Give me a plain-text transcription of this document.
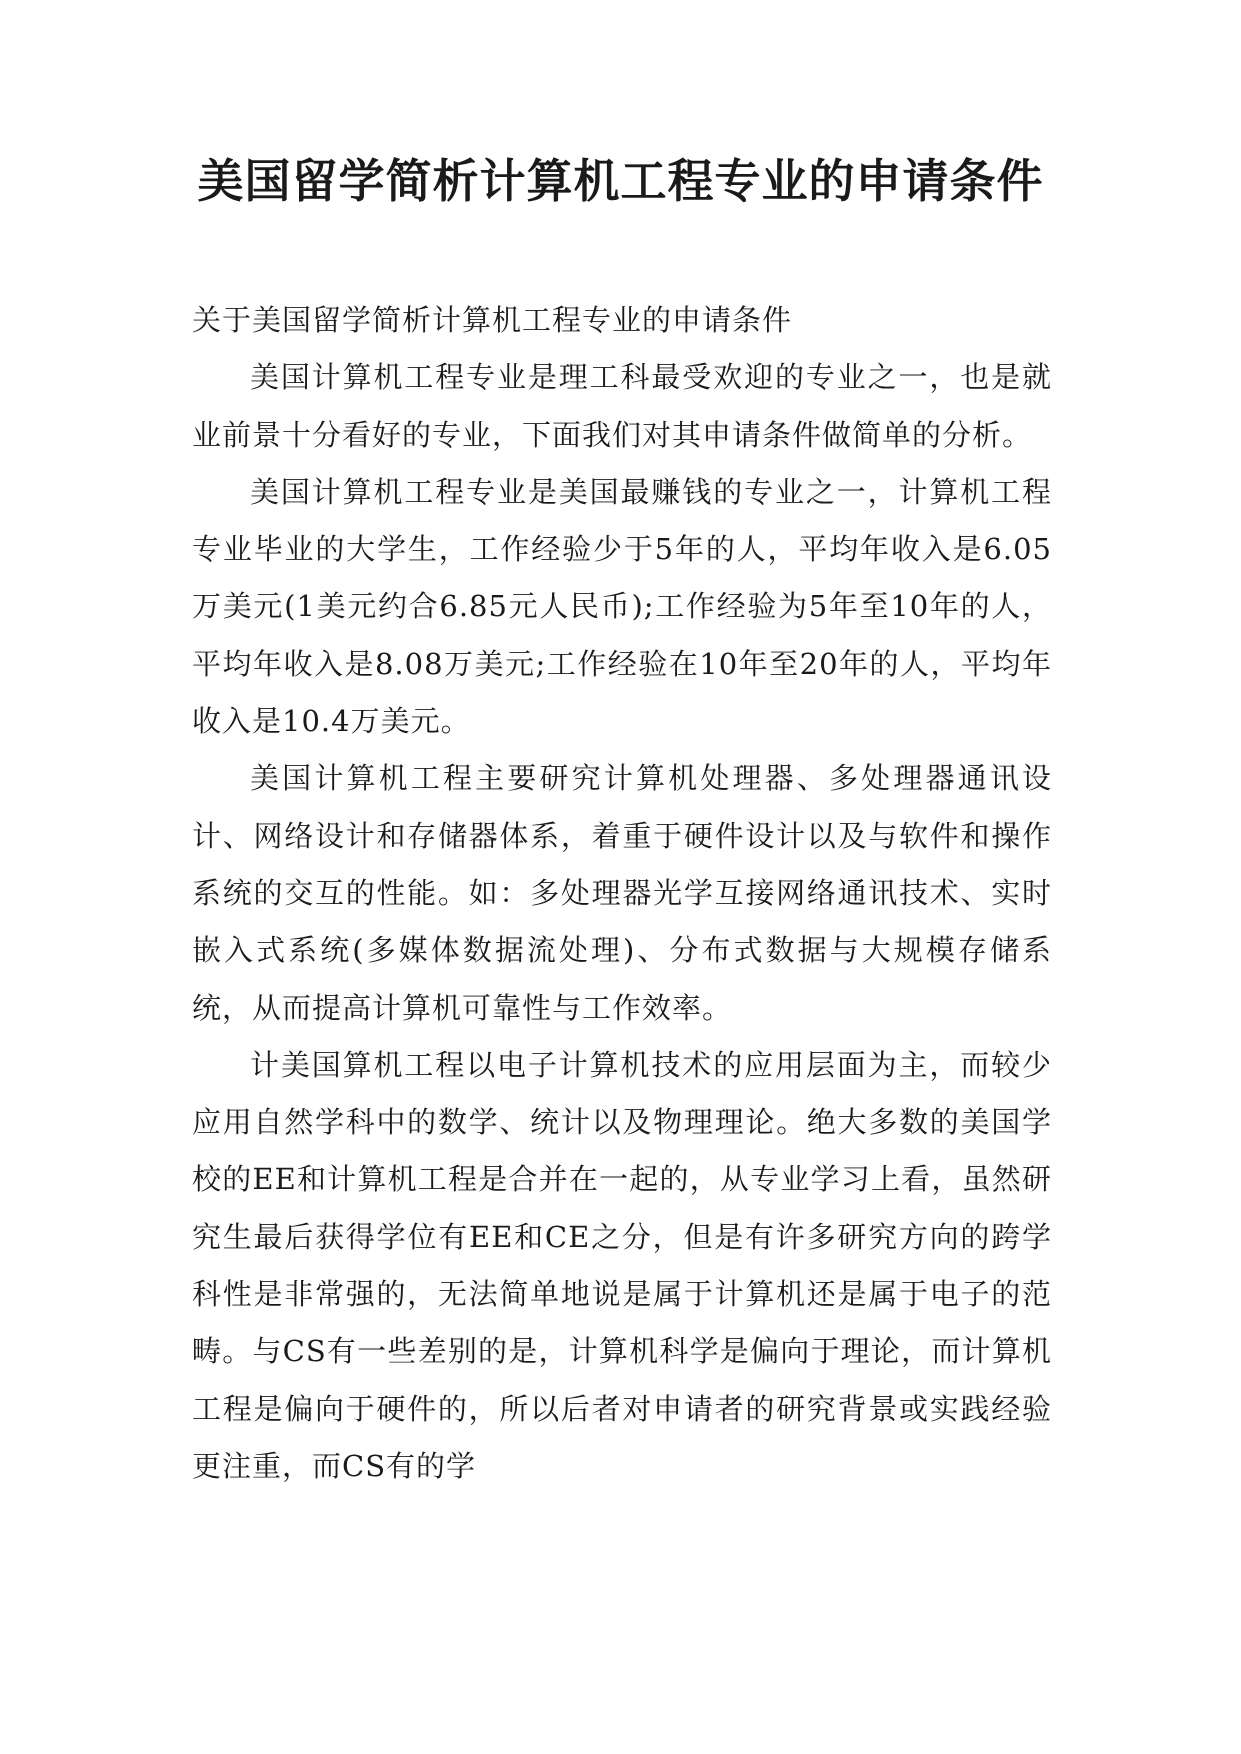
美国留学简析计算机工程专业的申请条件

关于美国留学简析计算机工程专业的申请条件

美国计算机工程专业是理工科最受欢迎的专业之一，也是就业前景十分看好的专业，下面我们对其申请条件做简单的分析。

美国计算机工程专业是美国最赚钱的专业之一，计算机工程专业毕业的大学生，工作经验少于5年的人，平均年收入是6.05万美元(1美元约合6.85元人民币);工作经验为5年至10年的人，平均年收入是8.08万美元;工作经验在10年至20年的人，平均年收入是10.4万美元。

美国计算机工程主要研究计算机处理器、多处理器通讯设计、网络设计和存储器体系，着重于硬件设计以及与软件和操作系统的交互的性能。如：多处理器光学互接网络通讯技术、实时嵌入式系统(多媒体数据流处理)、分布式数据与大规模存储系统，从而提高计算机可靠性与工作效率。

计美国算机工程以电子计算机技术的应用层面为主，而较少应用自然学科中的数学、统计以及物理理论。绝大多数的美国学校的EE和计算机工程是合并在一起的，从专业学习上看，虽然研究生最后获得学位有EE和CE之分，但是有许多研究方向的跨学科性是非常强的，无法简单地说是属于计算机还是属于电子的范畴。与CS有一些差别的是，计算机科学是偏向于理论，而计算机工程是偏向于硬件的，所以后者对申请者的研究背景或实践经验更注重，而CS有的学
